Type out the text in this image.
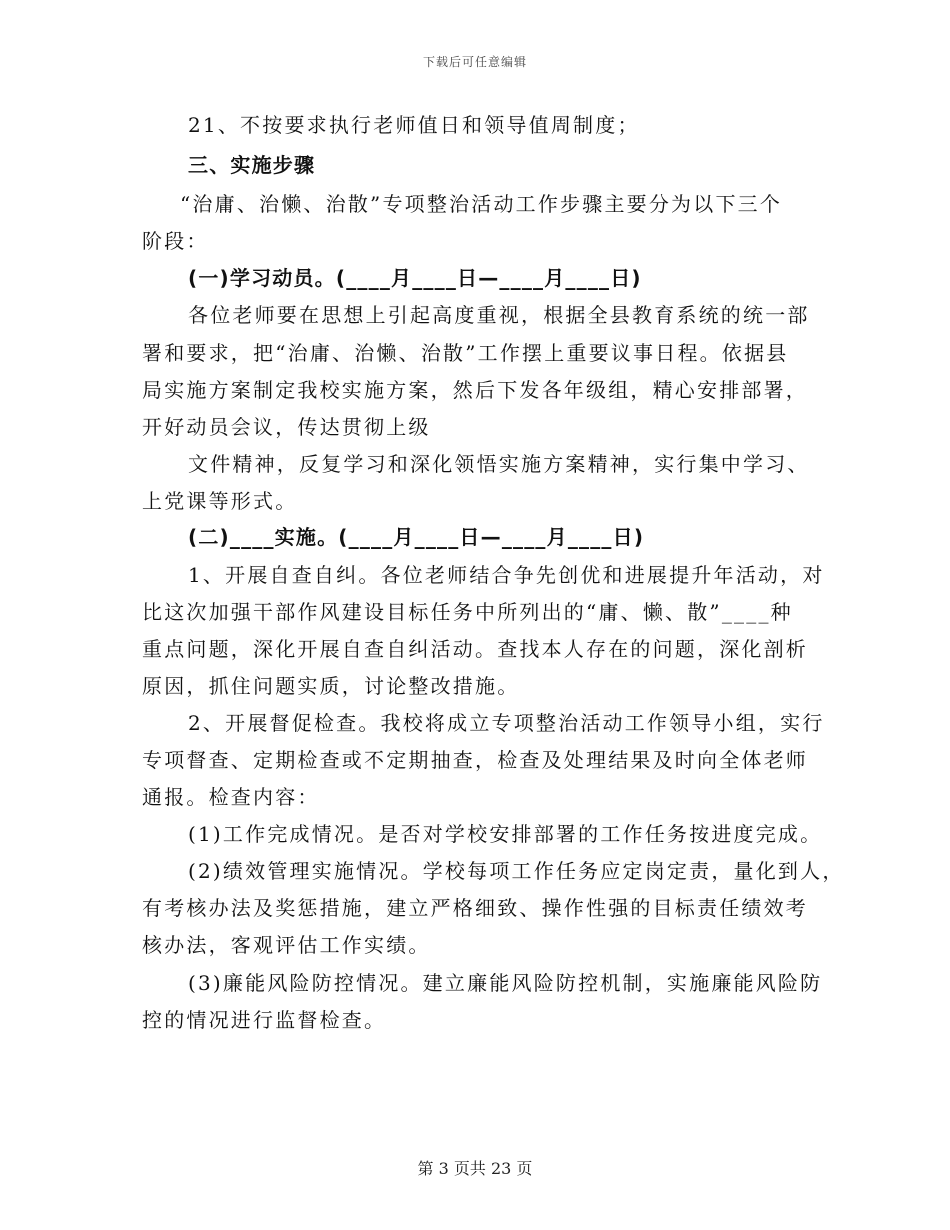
下载后可任意编辑
21、不按要求执行老师值日和领导值周制度；
三、实施步骤
“治庸、治懒、治散”专项整治活动工作步骤主要分为以下三个
阶段：
(一)学习动员。(____月____日—____月____日)
各位老师要在思想上引起高度重视，根据全县教育系统的统一部
署和要求，把“治庸、治懒、治散”工作摆上重要议事日程。依据县
局实施方案制定我校实施方案，然后下发各年级组，精心安排部署，
开好动员会议，传达贯彻上级
文件精神，反复学习和深化领悟实施方案精神，实行集中学习、
上党课等形式。
(二)____实施。(____月____日—____月____日)
1、开展自查自纠。各位老师结合争先创优和进展提升年活动，对
比这次加强干部作风建设目标任务中所列出的“庸、懒、散”____种
重点问题，深化开展自查自纠活动。查找本人存在的问题，深化剖析
原因，抓住问题实质，讨论整改措施。
2、开展督促检查。我校将成立专项整治活动工作领导小组，实行
专项督查、定期检查或不定期抽查，检查及处理结果及时向全体老师
通报。检查内容：
(1)工作完成情况。是否对学校安排部署的工作任务按进度完成。
(2)绩效管理实施情况。学校每项工作任务应定岗定责，量化到人，
有考核办法及奖惩措施，建立严格细致、操作性强的目标责任绩效考
核办法，客观评估工作实绩。
(3)廉能风险防控情况。建立廉能风险防控机制，实施廉能风险防
控的情况进行监督检查。
第 3 页共 23 页
